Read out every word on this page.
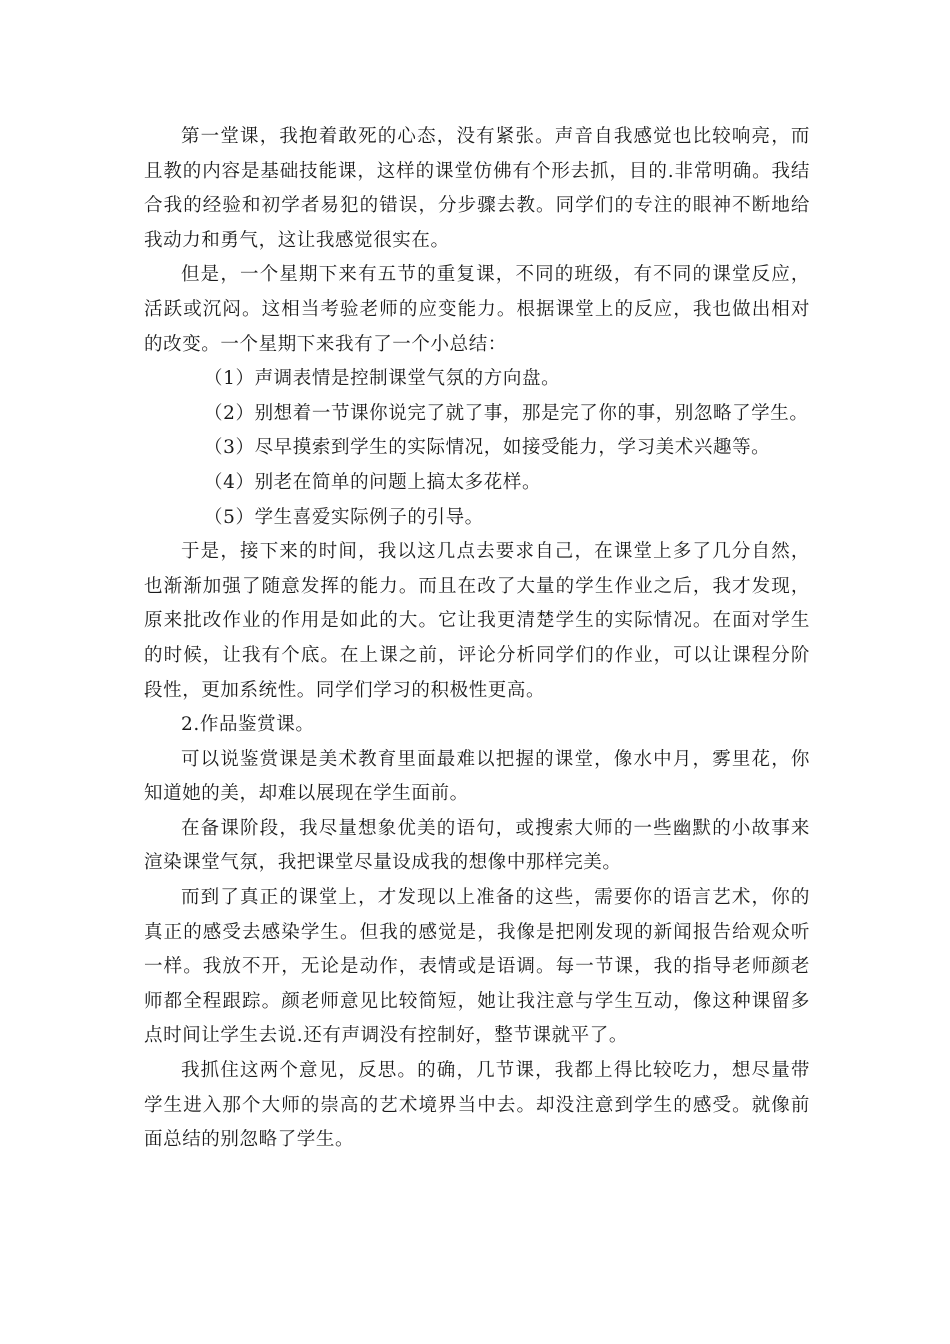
第一堂课，我抱着敢死的心态，没有紧张。声音自我感觉也比较响亮，而且教的内容是基础技能课，这样的课堂仿佛有个形去抓，目的.非常明确。我结合我的经验和初学者易犯的错误，分步骤去教。同学们的专注的眼神不断地给我动力和勇气，这让我感觉很实在。

但是，一个星期下来有五节的重复课，不同的班级，有不同的课堂反应，活跃或沉闷。这相当考验老师的应变能力。根据课堂上的反应，我也做出相对的改变。一个星期下来我有了一个小总结：

（1）声调表情是控制课堂气氛的方向盘。

（2）别想着一节课你说完了就了事，那是完了你的事，别忽略了学生。

（3）尽早摸索到学生的实际情况，如接受能力，学习美术兴趣等。

（4）别老在简单的问题上搞太多花样。

（5）学生喜爱实际例子的引导。

于是，接下来的时间，我以这几点去要求自己，在课堂上多了几分自然，也渐渐加强了随意发挥的能力。而且在改了大量的学生作业之后，我才发现，原来批改作业的作用是如此的大。它让我更清楚学生的实际情况。在面对学生的时候，让我有个底。在上课之前，评论分析同学们的作业，可以让课程分阶段性，更加系统性。同学们学习的积极性更高。

2.作品鉴赏课。

可以说鉴赏课是美术教育里面最难以把握的课堂，像水中月，雾里花，你知道她的美，却难以展现在学生面前。

在备课阶段，我尽量想象优美的语句，或搜索大师的一些幽默的小故事来渲染课堂气氛，我把课堂尽量设成我的想像中那样完美。

而到了真正的课堂上，才发现以上准备的这些，需要你的语言艺术，你的真正的感受去感染学生。但我的感觉是，我像是把刚发现的新闻报告给观众听一样。我放不开，无论是动作，表情或是语调。每一节课，我的指导老师颜老师都全程跟踪。颜老师意见比较简短，她让我注意与学生互动，像这种课留多点时间让学生去说.还有声调没有控制好，整节课就平了。

我抓住这两个意见，反思。的确，几节课，我都上得比较吃力，想尽量带学生进入那个大师的崇高的艺术境界当中去。却没注意到学生的感受。就像前面总结的别忽略了学生。
